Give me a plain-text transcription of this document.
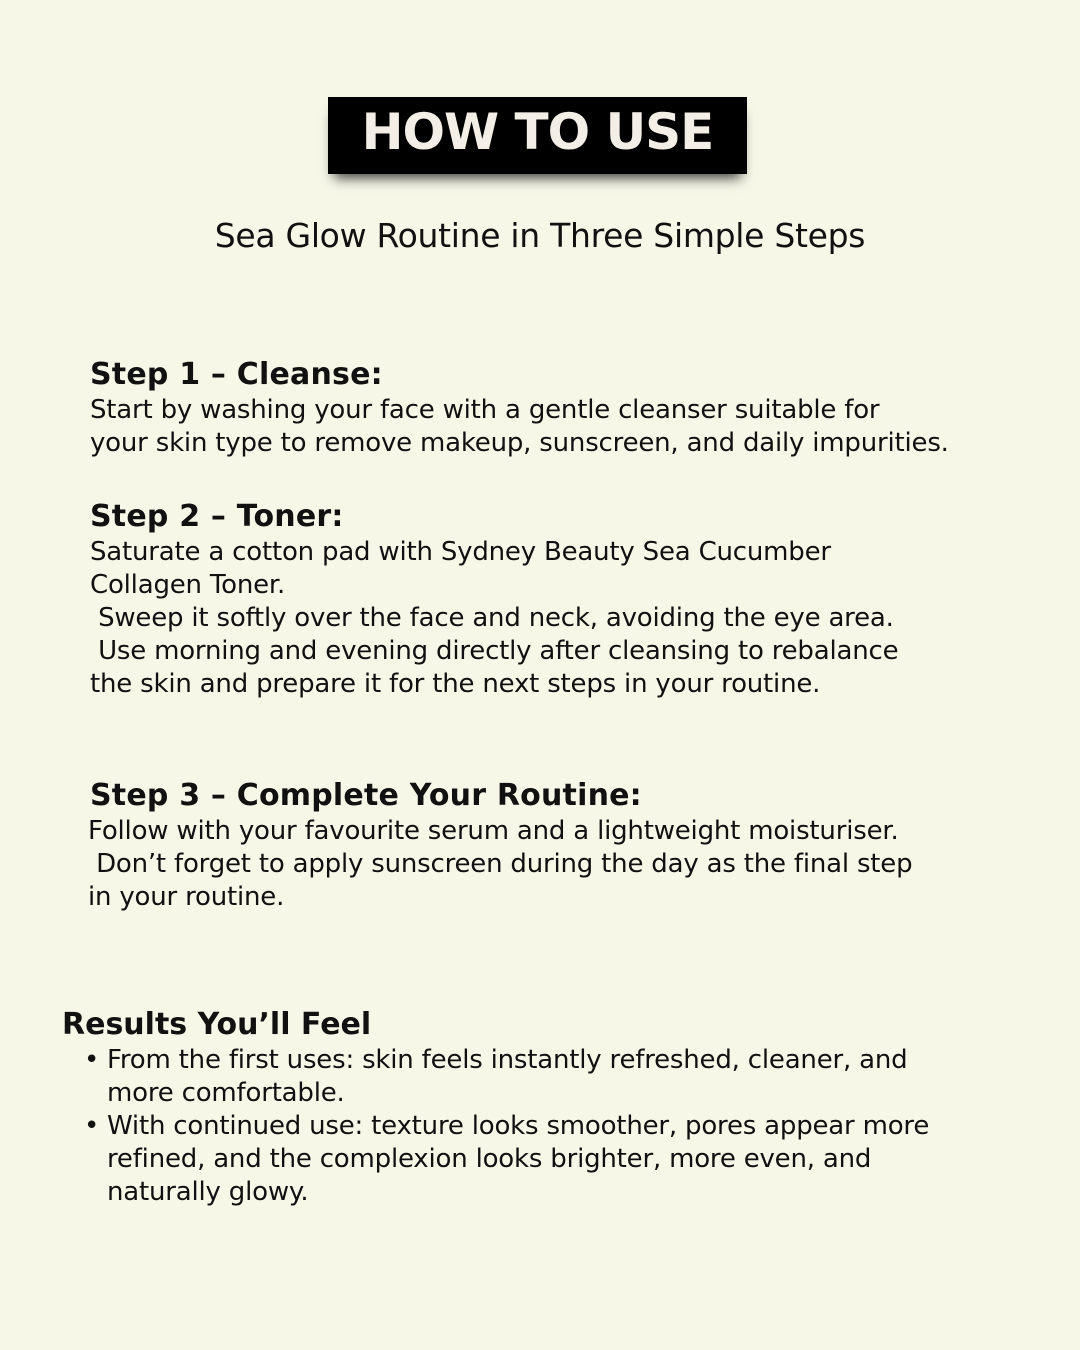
HOW TO USE
Sea Glow Routine in Three Simple Steps
Step 1 – Cleanse:

Start by washing your face with a gentle cleanser suitable for
your skin type to remove makeup, sunscreen, and daily impurities.

Step 2 – Toner:

Saturate a cotton pad with Sydney Beauty Sea Cucumber
Collagen Toner.
Sweep it softly over the face and neck, avoiding the eye area.
Use morning and evening directly after cleansing to rebalance
the skin and prepare it for the next steps in your routine.

Step 3 – Complete Your Routine:

Follow with your favourite serum and a lightweight moisturiser.
Don’t forget to apply sunscreen during the day as the final step
in your routine.

Results You’ll Feel
• From the first uses: skin feels instantly refreshed, cleaner, and
more comfortable.
• With continued use: texture looks smoother, pores appear more
refined, and the complexion looks brighter, more even, and
naturally glowy.
